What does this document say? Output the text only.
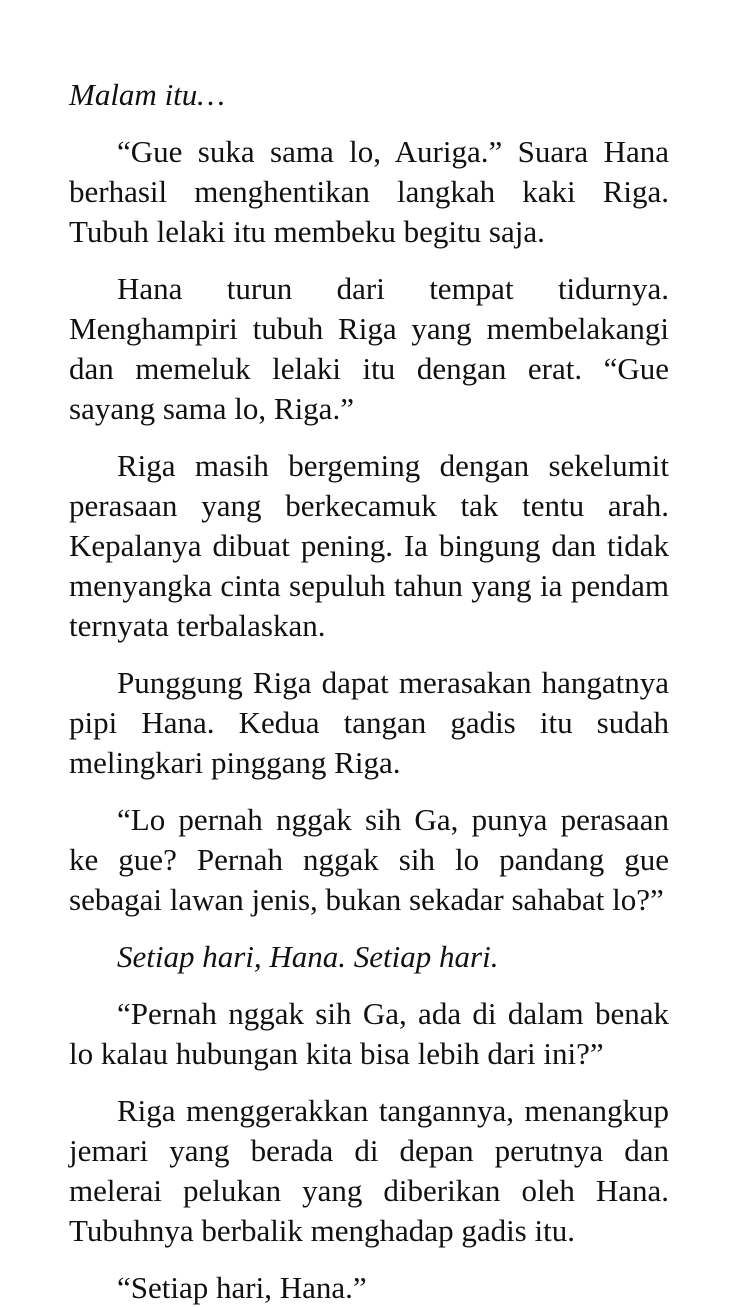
Malam itu…

“Gue suka sama lo, Auriga.” Suara Hana berhasil menghentikan langkah kaki Riga. Tubuh lelaki itu membeku begitu saja.

Hana turun dari tempat tidurnya. Menghampiri tubuh Riga yang membelakangi dan memeluk lelaki itu dengan erat. “Gue sayang sama lo, Riga.”

Riga masih bergeming dengan sekelumit perasaan yang berkecamuk tak tentu arah. Kepalanya dibuat pening. Ia bingung dan tidak menyangka cinta sepuluh tahun yang ia pendam ternyata terbalaskan.

Punggung Riga dapat merasakan hangatnya pipi Hana. Kedua tangan gadis itu sudah melingkari pinggang Riga.

“Lo pernah nggak sih Ga, punya perasaan ke gue? Pernah nggak sih lo pandang gue sebagai lawan jenis, bukan sekadar sahabat lo?”

Setiap hari, Hana. Setiap hari.

“Pernah nggak sih Ga, ada di dalam benak lo kalau hubungan kita bisa lebih dari ini?”

Riga menggerakkan tangannya, menangkup jemari yang berada di depan perutnya dan melerai pelukan yang diberikan oleh Hana. Tubuhnya berbalik menghadap gadis itu.

“Setiap hari, Hana.”
